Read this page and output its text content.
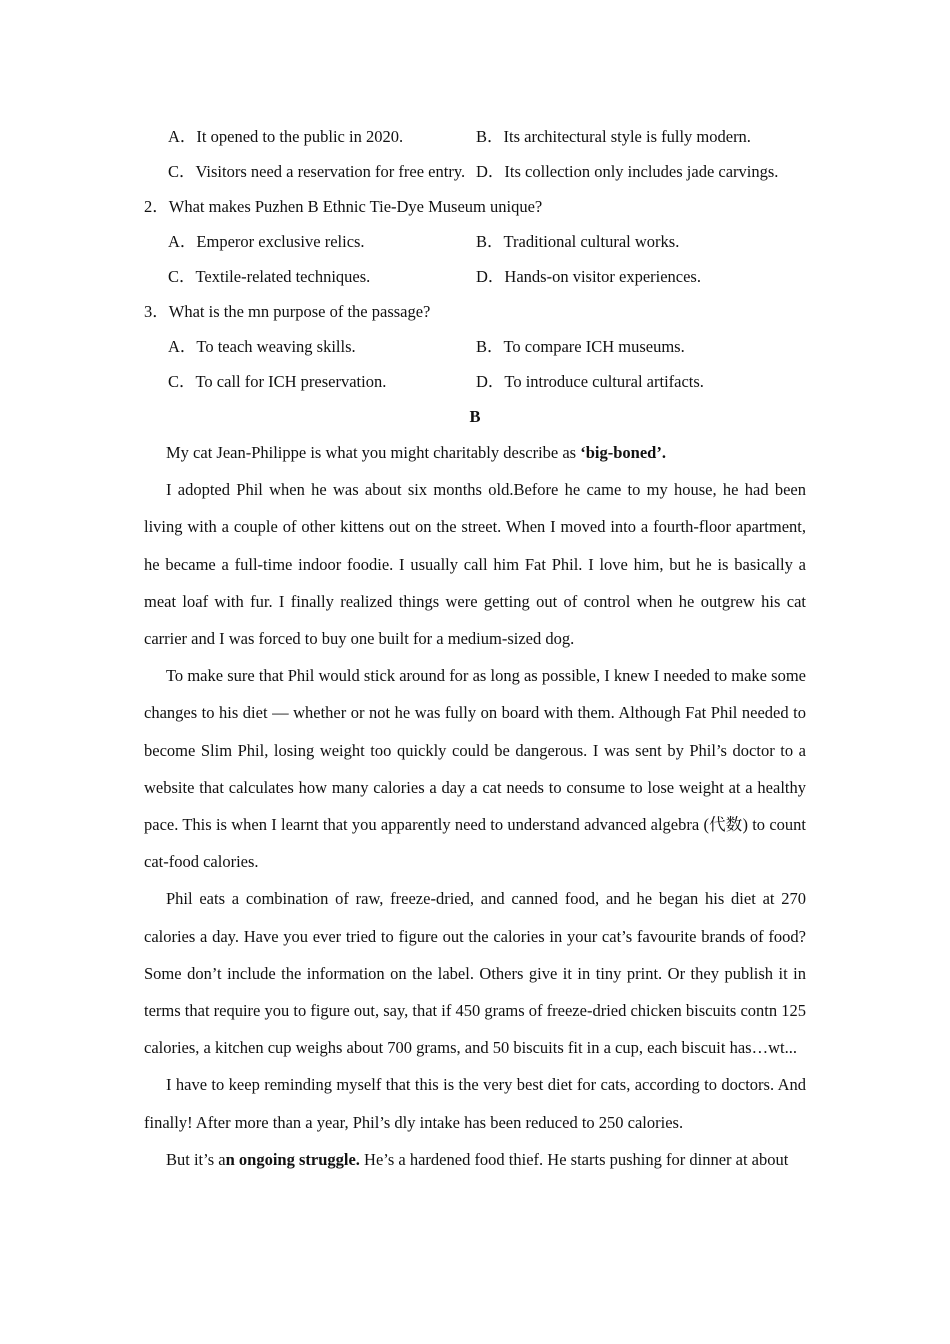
A．It opened to the public in 2020.	B．Its architectural style is fully modern.
C．Visitors need a reservation for free entry. D．Its collection only includes jade carvings.
2．What makes Puzhen B Ethnic Tie-Dye Museum unique?
A．Emperor exclusive relics.	B．Traditional cultural works.
C．Textile-related techniques.	D．Hands-on visitor experiences.
3．What is the mn purpose of the passage?
A．To teach weaving skills.	B．To compare ICH museums.
C．To call for ICH preservation.	D．To introduce cultural artifacts.
B

My cat Jean-Philippe is what you might charitably describe as ‘big-boned’.

I adopted Phil when he was about six months old.Before he came to my house, he had been living with a couple of other kittens out on the street. When I moved into a fourth-floor apartment, he became a full-time indoor foodie. I usually call him Fat Phil. I love him, but he is basically a meat loaf with fur. I finally realized things were getting out of control when he outgrew his cat carrier and I was forced to buy one built for a medium-sized dog.

To make sure that Phil would stick around for as long as possible, I knew I needed to make some changes to his diet — whether or not he was fully on board with them. Although Fat Phil needed to become Slim Phil, losing weight too quickly could be dangerous. I was sent by Phil’s doctor to a website that calculates how many calories a day a cat needs to consume to lose weight at a healthy pace. This is when I learnt that you apparently need to understand advanced algebra (代数) to count cat-food calories.

Phil eats a combination of raw, freeze-dried, and canned food, and he began his diet at 270 calories a day. Have you ever tried to figure out the calories in your cat’s favourite brands of food? Some don’t include the information on the label. Others give it in tiny print. Or they publish it in terms that require you to figure out, say, that if 450 grams of freeze-dried chicken biscuits contn 125 calories, a kitchen cup weighs about 700 grams, and 50 biscuits fit in a cup, each biscuit has…wt...

I have to keep reminding myself that this is the very best diet for cats, according to doctors. And finally! After more than a year, Phil’s dly intake has been reduced to 250 calories.

But it’s an ongoing struggle. He’s a hardened food thief. He starts pushing for dinner at about
